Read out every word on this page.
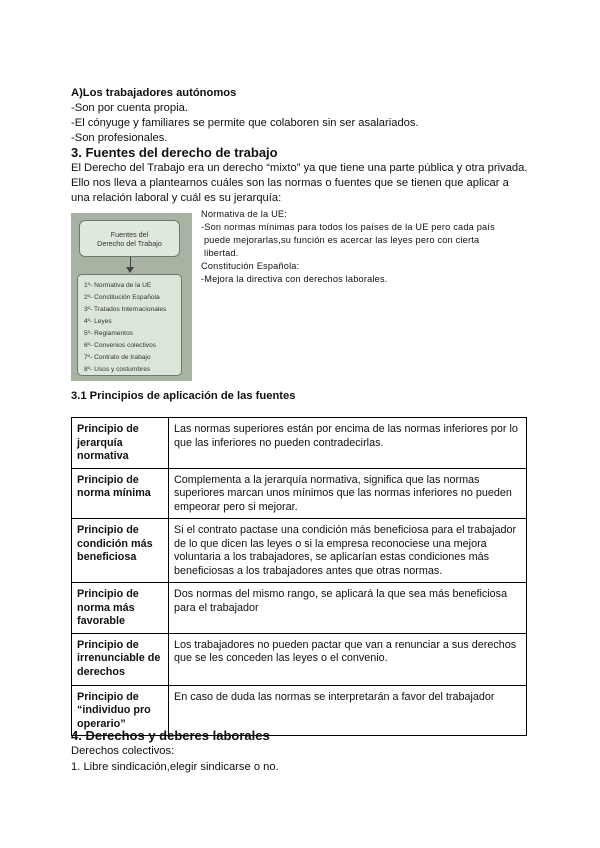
A)Los trabajadores autónomos
-Son por cuenta propia.
-El cónyuge y familiares se permite que colaboren sin ser asalariados.
-Son profesionales.
3. Fuentes del derecho de trabajo
El Derecho del Trabajo era un derecho “mixto” ya que tiene una parte pública y otra privada.
Ello nos lleva a plantearnos cuáles son las normas o fuentes que se tienen que aplicar a
una relación laboral y cuál es su jerarquía:
Fuentes del
Derecho del Trabajo
1º- Normativa de la UE
2º- Constitución Española
3º- Tratados Internacionales
4º- Leyes
5º- Reglamentos
6º- Convenios colectivos
7º- Contrato de trabajo
8º- Usos y costumbres
Normativa de la UE:
-Son normas mínimas para todos los países de la UE pero cada país
puede mejorarlas,su función es acercar las leyes pero con cierta
libertad.
Constitución Española:
-Mejora la directiva con derechos laborales.
3.1 Principios de aplicación de las fuentes
Principio de jerarquía normativa	Las normas superiores están por encima de las normas inferiores por lo que las inferiores no pueden contradecirlas.
Principio de norma mínima	Complementa a la jerarquía normativa, significa que las normas superiores marcan unos mínimos que las normas inferiores no pueden empeorar pero si mejorar.
Principio de condición más beneficiosa	Si el contrato pactase una condición más beneficiosa para el trabajador de lo que dicen las leyes o si la empresa reconociese una mejora voluntaria a los trabajadores, se aplicarían estas condiciones más beneficiosas a los trabajadores antes que otras normas.
Principio de norma más favorable	Dos normas del mismo rango, se aplicará la que sea más beneficiosa para el trabajador
Principio de irrenunciable de derechos	Los trabajadores no pueden pactar que van a renunciar a sus derechos que se les conceden las leyes o el convenio.
Principio de “individuo pro operario”	En caso de duda las normas se interpretarán a favor del trabajador
4. Derechos y deberes laborales
Derechos colectivos:
1. Libre sindicación,elegir sindicarse o no.
